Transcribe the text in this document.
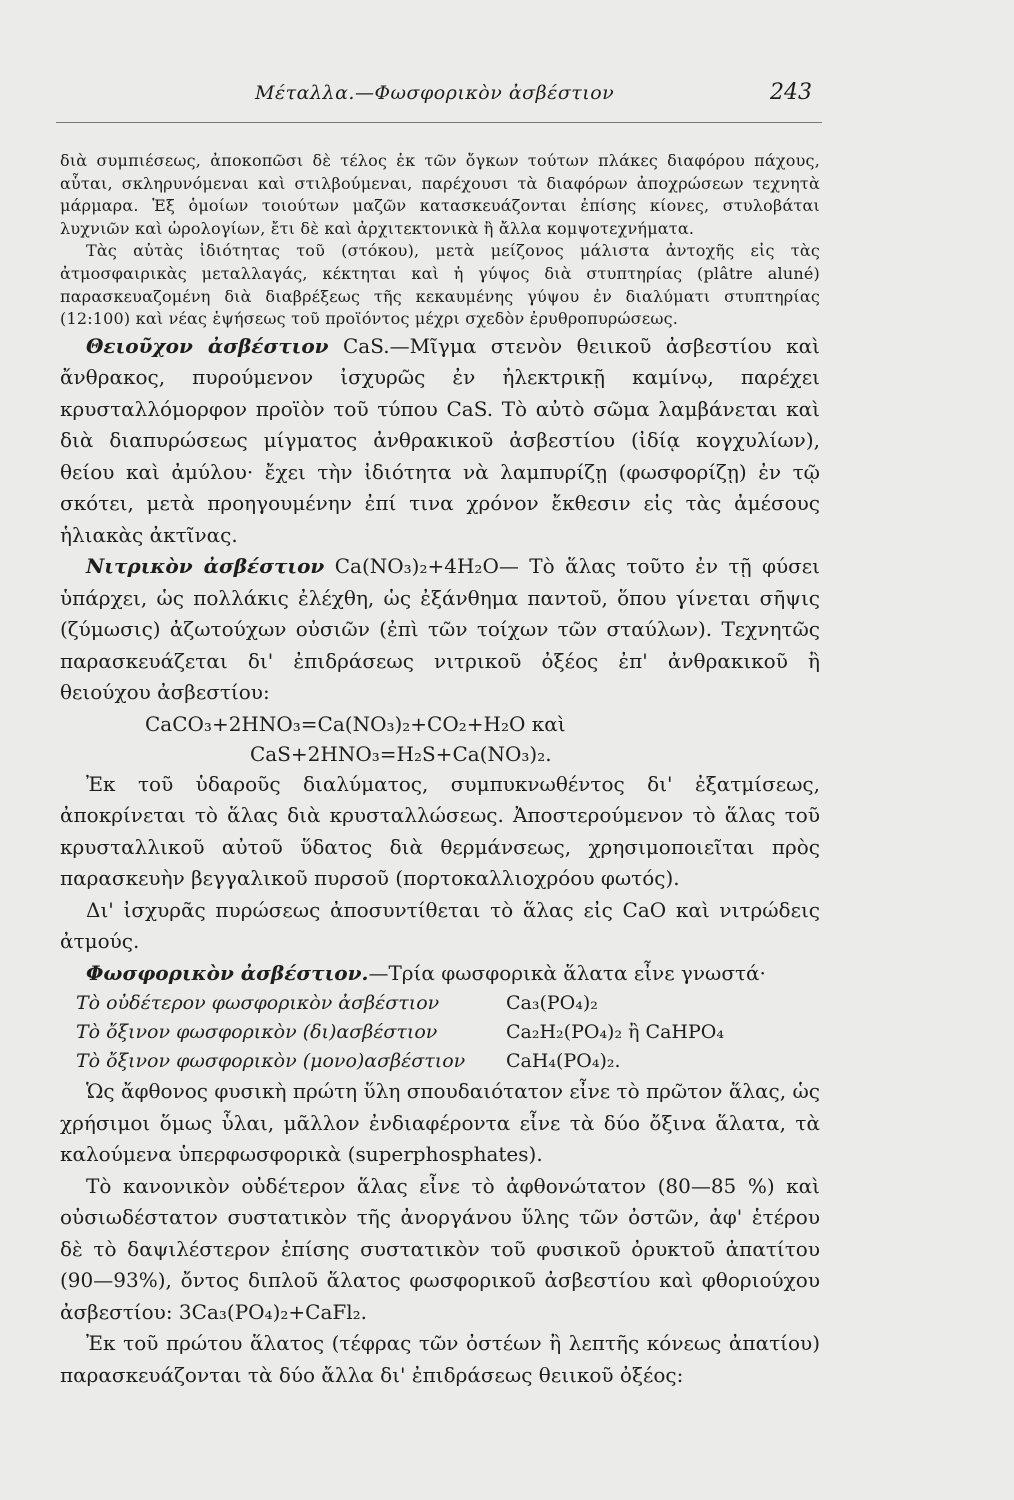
Μέταλλα.—Φωσφορικὸν ἀσβέστιον	243

διὰ συμπιέσεως, ἀποκοπῶσι δὲ τέλος ἐκ τῶν ὄγκων τούτων πλάκες διαφόρου πάχους, αὗται, σκληρυνόμεναι καὶ στιλβούμεναι, παρέχουσι τὰ διαφόρων ἀποχρώσεων τεχνητὰ μάρμαρα. Ἐξ ὁμοίων τοιούτων μαζῶν κατασκευάζονται ἐπίσης κίονες, στυλοβάται λυχνιῶν καὶ ὡρολογίων, ἔτι δὲ καὶ ἀρχιτεκτονικὰ ἢ ἄλλα κομψοτεχνήματα.

Τὰς αὐτὰς ἰδιότητας τοῦ (στόκου), μετὰ μείζονος μάλιστα ἀντοχῆς εἰς τὰς ἀτμοσφαιρικὰς μεταλλαγάς, κέκτηται καὶ ἡ γύψος διὰ στυπτηρίας (plâtre aluné) παρασκευαζομένη διὰ διαβρέξεως τῆς κεκαυμένης γύψου ἐν διαλύματι στυπτηρίας (12:100) καὶ νέας ἑψήσεως τοῦ προϊόντος μέχρι σχεδὸν ἐρυθροπυρώσεως.

Θειοῦχον ἀσβέστιον CaS.—Μῖγμα στενὸν θειικοῦ ἀσβεστίου καὶ ἄνθρακος, πυρούμενον ἰσχυρῶς ἐν ἠλεκτρικῇ καμίνῳ, παρέχει κρυσταλλόμορφον προϊὸν τοῦ τύπου CaS. Τὸ αὐτὸ σῶμα λαμβάνεται καὶ διὰ διαπυρώσεως μίγματος ἀνθρακικοῦ ἀσβεστίου (ἰδίᾳ κογχυλίων), θείου καὶ ἀμύλου· ἔχει τὴν ἰδιότητα νὰ λαμπυρίζῃ (φωσφορίζῃ) ἐν τῷ σκότει, μετὰ προηγουμένην ἐπί τινα χρόνον ἔκθεσιν εἰς τὰς ἀμέσους ἡλιακὰς ἀκτῖνας.

Νιτρικὸν ἀσβέστιον Ca(NO₃)₂+4H₂O— Τὸ ἅλας τοῦτο ἐν τῇ φύσει ὑπάρχει, ὡς πολλάκις ἐλέχθη, ὡς ἐξάνθημα παντοῦ, ὅπου γίνεται σῆψις (ζύμωσις) ἀζωτούχων οὐσιῶν (ἐπὶ τῶν τοίχων τῶν σταύλων). Τεχνητῶς παρασκευάζεται δι' ἐπιδράσεως νιτρικοῦ ὀξέος ἐπ' ἀνθρακικοῦ ἢ θειούχου ἀσβεστίου:

CaCO₃+2HNO₃=Ca(NO₃)₂+CO₂+H₂O καὶ

CaS+2HNO₃=H₂S+Ca(NO₃)₂.

Ἐκ τοῦ ὑδαροῦς διαλύματος, συμπυκνωθέντος δι' ἐξατμίσεως, ἀποκρίνεται τὸ ἅλας διὰ κρυσταλλώσεως. Ἀποστερούμενον τὸ ἅλας τοῦ κρυσταλλικοῦ αὐτοῦ ὕδατος διὰ θερμάνσεως, χρησιμοποιεῖται πρὸς παρασκευὴν βεγγαλικοῦ πυρσοῦ (πορτοκαλλιοχρόου φωτός).

Δι' ἰσχυρᾶς πυρώσεως ἀποσυντίθεται τὸ ἅλας εἰς CaO καὶ νιτρώδεις ἀτμούς.

Φωσφορικὸν ἀσβέστιον.—Τρία φωσφορικὰ ἅλατα εἶνε γνωστά·

Τὸ οὐδέτερον φωσφορικὸν ἀσβέστιον	Ca₃(PO₄)₂
Τὸ ὄξινον φωσφορικὸν (δι)ασβέστιον	Ca₂H₂(PO₄)₂ ἢ CaHPO₄
Τὸ ὄξινον φωσφορικὸν (μονο)ασβέστιον	CaH₄(PO₄)₂.

Ὡς ἄφθονος φυσικὴ πρώτη ὕλη σπουδαιότατον εἶνε τὸ πρῶτον ἅλας, ὡς χρήσιμοι ὅμως ὗλαι, μᾶλλον ἐνδιαφέροντα εἶνε τὰ δύο ὄξινα ἅλατα, τὰ καλούμενα ὑπερφωσφορικὰ (superphosphates).

Τὸ κανονικὸν οὐδέτερον ἅλας εἶνε τὸ ἀφθονώτατον (80—85 %) καὶ οὐσιωδέστατον συστατικὸν τῆς ἀνοργάνου ὕλης τῶν ὀστῶν, ἀφ' ἑτέρου δὲ τὸ δαψιλέστερον ἐπίσης συστατικὸν τοῦ φυσικοῦ ὀρυκτοῦ ἀπατίτου (90—93%), ὄντος διπλοῦ ἅλατος φωσφορικοῦ ἀσβεστίου καὶ φθοριούχου ἀσβεστίου: 3Ca₃(PO₄)₂+CaFl₂.

Ἐκ τοῦ πρώτου ἅλατος (τέφρας τῶν ὀστέων ἢ λεπτῆς κόνεως ἀπατίου) παρασκευάζονται τὰ δύο ἄλλα δι' ἐπιδράσεως θειικοῦ ὀξέος:
